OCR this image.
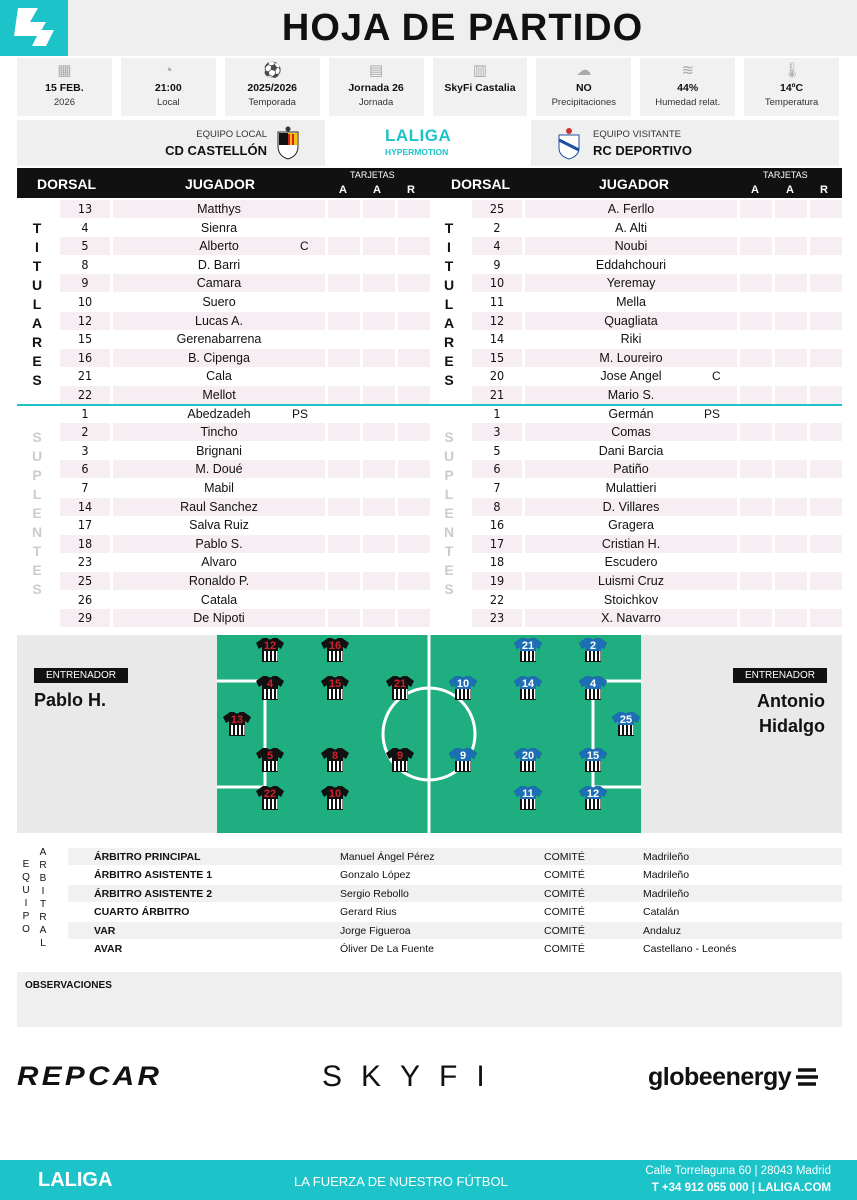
HOJA DE PARTIDO
▦
15 FEB.
2026
◔
21:00
Local
⚽
2025/2026
Temporada
▤
Jornada 26
Jornada
▥
SkyFi Castalia
☁
NO
Precipitaciones
≋
44%
Humedad relat.
🌡
14ºC
Temperatura
EQUIPO LOCAL
CD CASTELLÓN
LALIGA
HYPERMOTION
EQUIPO VISITANTE
RC DEPORTIVO
DORSAL	JUGADOR
TARJETAS
A A R	DORSAL	JUGADOR
TARJETAS
A A R
13	Matthys
4	Sienra
5	Alberto	C
8	D. Barri
9	Camara
10	Suero
12	Lucas A.
15	Gerenabarrena
16	B. Cipenga
21	Cala
22	Mellot
1	Abedzadeh	PS
2	Tincho
3	Brignani
6	M. Doué
7	Mabil
14	Raul Sanchez
17	Salva Ruiz
18	Pablo S.
23	Alvaro
25	Ronaldo P.
26	Catala
29	De Nipoti
25	A. Ferllo
2	A. Alti
4	Noubi
9	Eddahchouri
10	Yeremay
11	Mella
12	Quagliata
14	Riki
15	M. Loureiro
20	Jose Angel	C
21	Mario S.
1	Germán	PS
3	Comas
5	Dani Barcia
6	Patiño
7	Mulattieri
8	D. Villares
16	Gragera
17	Cristian H.
18	Escudero
19	Luismi Cruz
22	Stoichkov
23	X. Navarro
ENTRENADOR
Pablo H.
ENTRENADOR
Antonio
Hidalgo
13
4
5	8	9
10
12
15
16
21
22
25
2
4
9
10
11	12
14
15
20
21
E
Q
U
I
P
O
A
R
B
I
T
R
A
L
ÁRBITRO PRINCIPAL	Manuel Ángel Pérez	COMITÉ	Madrileño
ÁRBITRO ASISTENTE 1	Gonzalo López	COMITÉ	Madrileño
ÁRBITRO ASISTENTE 2	Sergio Rebollo	COMITÉ	Madrileño
CUARTO ÁRBITRO	Gerard Rius	COMITÉ	Catalán
VAR	Jorge Figueroa	COMITÉ	Andaluz
AVAR	Óliver De La Fuente	COMITÉ	Castellano - Leonés
OBSERVACIONES
REPCAR	SKYFI	globeenergy
LALIGA	LA FUERZA DE NUESTRO FÚTBOL
Calle Torrelaguna 60 | 28043 Madrid
T +34 912 055 000 | LALIGA.COM
T
I
T
U
L
A
R
E
S
T
I
T
U
L
A
R
E
S
S
U
P
L
E
N
T
E
S
S
U
P
L
E
N
T
E
S
